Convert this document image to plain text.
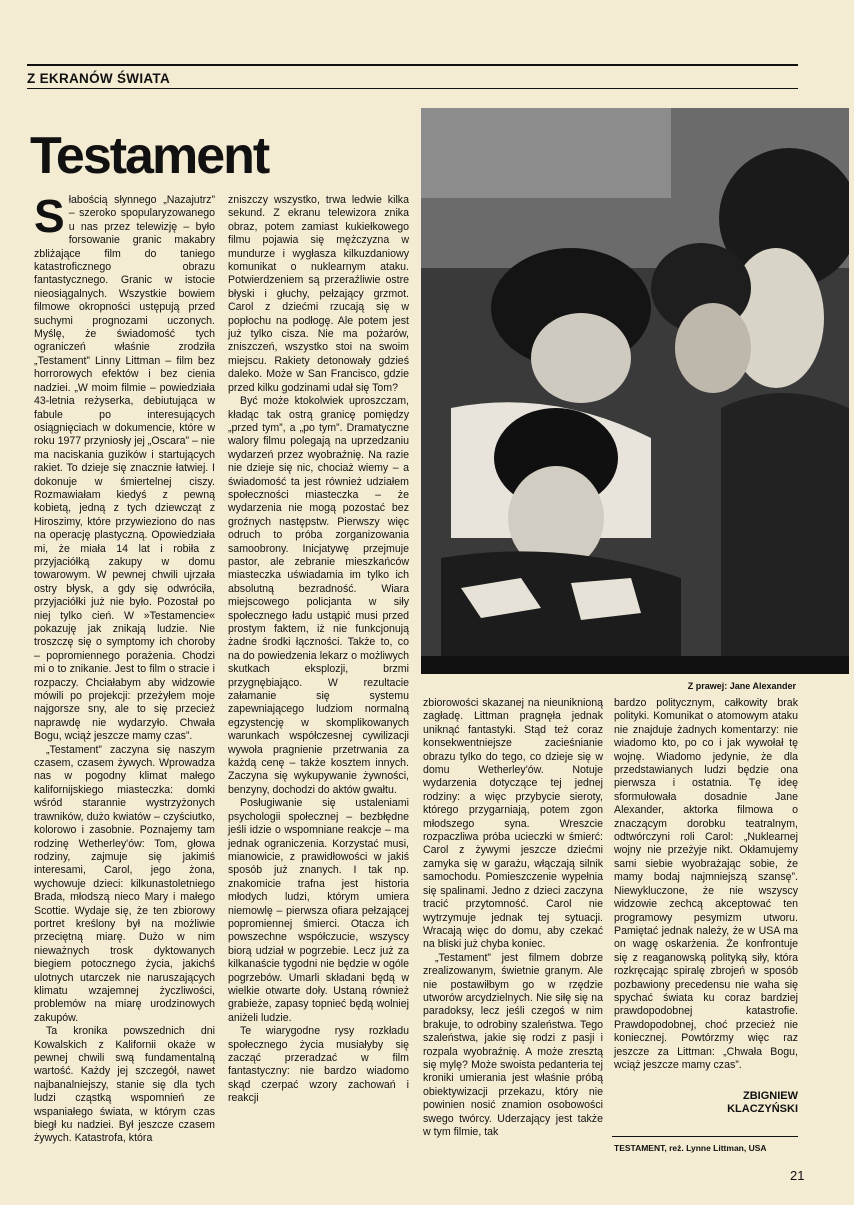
Z EKRANÓW ŚWIATA
Testament
Z prawej: Jane Alexander

Słabością słynnego „Nazajutrz” – szeroko spopularyzowanego u nas przez telewizję – było forsowanie granic makabry zbliżające film do taniego katastroficznego obrazu fantastycznego. Granic w istocie nieosiągalnych. Wszystkie bowiem filmowe okropności ustępują przed suchymi prognozami uczonych. Myślę, że świadomość tych ograniczeń właśnie zrodziła „Testament” Linny Littman – film bez horrorowych efektów i bez cienia nadziei. „W moim filmie – powiedziała 43-letnia reżyserka, debiutująca w fabule po interesujących osiągnięciach w dokumencie, które w roku 1977 przyniosły jej „Oscara” – nie ma naciskania guzików i startujących rakiet. To dzieje się znacznie łatwiej. I dokonuje w śmiertelnej ciszy. Rozmawiałam kiedyś z pewną kobietą, jedną z tych dziewcząt z Hiroszimy, które przywieziono do nas na operację plastyczną. Opowiedziała mi, że miała 14 lat i robiła z przyjaciółką zakupy w domu towarowym. W pewnej chwili ujrzała ostry błysk, a gdy się odwróciła, przyjaciółki już nie było. Pozostał po niej tylko cień. W »Testamencie« pokazuję jak znikają ludzie. Nie troszczę się o symptomy ich choroby – popromiennego porażenia. Chodzi mi o to znikanie. Jest to film o stracie i rozpaczy. Chciałabym aby widzowie mówili po projekcji: przeżyłem moje najgorsze sny, ale to się przecież naprawdę nie wydarzyło. Chwała Bogu, wciąż jeszcze mamy czas”.

„Testament” zaczyna się naszym czasem, czasem żywych. Wprowadza nas w pogodny klimat małego kalifornijskiego miasteczka: domki wśród starannie wystrzyżonych trawników, dużo kwiatów – czyściutko, kolorowo i zasobnie. Poznajemy tam rodzinę Wetherley'ów: Tom, głowa rodziny, zajmuje się jakimiś interesami, Carol, jego żona, wychowuje dzieci: kilkunastoletniego Brada, młodszą nieco Mary i małego Scottie. Wydaje się, że ten zbiorowy portret kreślony był na możliwie przeciętną miarę. Dużo w nim nieważnych trosk dyktowanych biegiem potocznego życia, jakichś ulotnych utarczek nie naruszających klimatu wzajemnej życzliwości, problemów na miarę urodzinowych zakupów.

Ta kronika powszednich dni Kowalskich z Kalifornii okaże w pewnej chwili swą fundamentalną wartość. Każdy jej szczegół, nawet najbanalniejszy, stanie się dla tych ludzi cząstką wspomnień ze wspaniałego świata, w którym czas biegł ku nadziei. Był jeszcze czasem żywych. Katastrofa, która

zniszczy wszystko, trwa ledwie kilka sekund. Z ekranu telewizora znika obraz, potem zamiast kukiełkowego filmu pojawia się mężczyzna w mundurze i wygłasza kilkuzdaniowy komunikat o nuklearnym ataku. Potwierdzeniem są przeraźliwie ostre błyski i głuchy, pełzający grzmot. Carol z dziećmi rzucają się w popłochu na podłogę. Ale potem jest już tylko cisza. Nie ma pożarów, zniszczeń, wszystko stoi na swoim miejscu. Rakiety detonowały gdzieś daleko. Może w San Francisco, gdzie przed kilku godzinami udał się Tom?

Być może ktokolwiek uproszczam, kładąc tak ostrą granicę pomiędzy „przed tym”, a „po tym”. Dramatyczne walory filmu polegają na uprzedzaniu wydarzeń przez wyobraźnię. Na razie nie dzieje się nic, chociaż wiemy – a świadomość ta jest również udziałem społeczności miasteczka – że wydarzenia nie mogą pozostać bez groźnych następstw. Pierwszy więc odruch to próba zorganizowania samoobrony. Inicjatywę przejmuje pastor, ale zebranie mieszkańców miasteczka uświadamia im tylko ich absolutną bezradność. Wiara miejscowego policjanta w siły społecznego ładu ustąpić musi przed prostym faktem, iż nie funkcjonują żadne środki łączności. Także to, co na do powiedzenia lekarz o możliwych skutkach eksplozji, brzmi przygnębiająco. W rezultacie załamanie się systemu zapewniającego ludziom normalną egzystencję w skomplikowanych warunkach współczesnej cywilizacji wywoła pragnienie przetrwania za każdą cenę – także kosztem innych. Zaczyna się wykupywanie żywności, benzyny, dochodzi do aktów gwałtu.

Posługiwanie się ustaleniami psychologii społecznej – bezbłędne jeśli idzie o wspomniane reakcje – ma jednak ograniczenia. Korzystać musi, mianowicie, z prawidłowości w jakiś sposób już znanych. I tak np. znakomicie trafna jest historia młodych ludzi, którym umiera niemowlę – pierwsza ofiara pełzającej popromiennej śmierci. Otacza ich powszechne współczucie, wszyscy biorą udział w pogrzebie. Lecz już za kilkanaście tygodni nie będzie w ogóle pogrzebów. Umarli składani będą w wielkie otwarte doły. Ustaną również grabieże, zapasy topnieć będą wolniej aniżeli ludzie.

Te wiarygodne rysy rozkładu społecznego życia musiałyby się zacząć przeradzać w film fantastyczny: nie bardzo wiadomo skąd czerpać wzory zachowań i reakcji

zbiorowości skazanej na nieuniknioną zagładę. Littman pragnęła jednak uniknąć fantastyki. Stąd też coraz konsekwentniejsze zacieśnianie obrazu tylko do tego, co dzieje się w domu Wetherley'ów. Notuje wydarzenia dotyczące tej jednej rodziny: a więc przybycie sieroty, którego przygarniają, potem zgon młodszego syna. Wreszcie rozpaczliwa próba ucieczki w śmierć: Carol z żywymi jeszcze dziećmi zamyka się w garażu, włączają silnik samochodu. Pomieszczenie wypełnia się spalinami. Jedno z dzieci zaczyna tracić przytomność. Carol nie wytrzymuje jednak tej sytuacji. Wracają więc do domu, aby czekać na bliski już chyba koniec.

„Testament” jest filmem dobrze zrealizowanym, świetnie granym. Ale nie postawiłbym go w rzędzie utworów arcydzielnych. Nie siłę się na paradoksy, lecz jeśli czegoś w nim brakuje, to odrobiny szaleństwa. Tego szaleństwa, jakie się rodzi z pasji i rozpala wyobraźnię. A może zresztą się mylę? Może swoista pedanteria tej kroniki umierania jest właśnie próbą obiektywizacji przekazu, który nie powinien nosić znamion osobowości swego twórcy. Uderzający jest także w tym filmie, tak

bardzo politycznym, całkowity brak polityki. Komunikat o atomowym ataku nie znajduje żadnych komentarzy: nie wiadomo kto, po co i jak wywołał tę wojnę. Wiadomo jedynie, że dla przedstawianych ludzi będzie ona pierwsza i ostatnia. Tę ideę sformułowała dosadnie Jane Alexander, aktorka filmowa o znaczącym dorobku teatralnym, odtwórczyni roli Carol: „Nuklearnej wojny nie przeżyje nikt. Okłamujemy sami siebie wyobrażając sobie, że mamy bodaj najmniejszą szansę”. Niewykluczone, że nie wszyscy widzowie zechcą akceptować ten programowy pesymizm utworu. Pamiętać jednak należy, że w USA ma on wagę oskarżenia. Że konfrontuje się z reaganowską polityką siły, która rozkręcając spiralę zbrojeń w sposób pozbawiony precedensu nie waha się spychać świata ku coraz bardziej prawdopodobnej katastrofie. Prawdopodobnej, choć przecież nie koniecznej. Powtórzmy więc raz jeszcze za Littman: „Chwała Bogu, wciąż jeszcze mamy czas”.

ZBIGNIEW
KLACZYŃSKI
TESTAMENT, reż. Lynne Littman, USA
21
